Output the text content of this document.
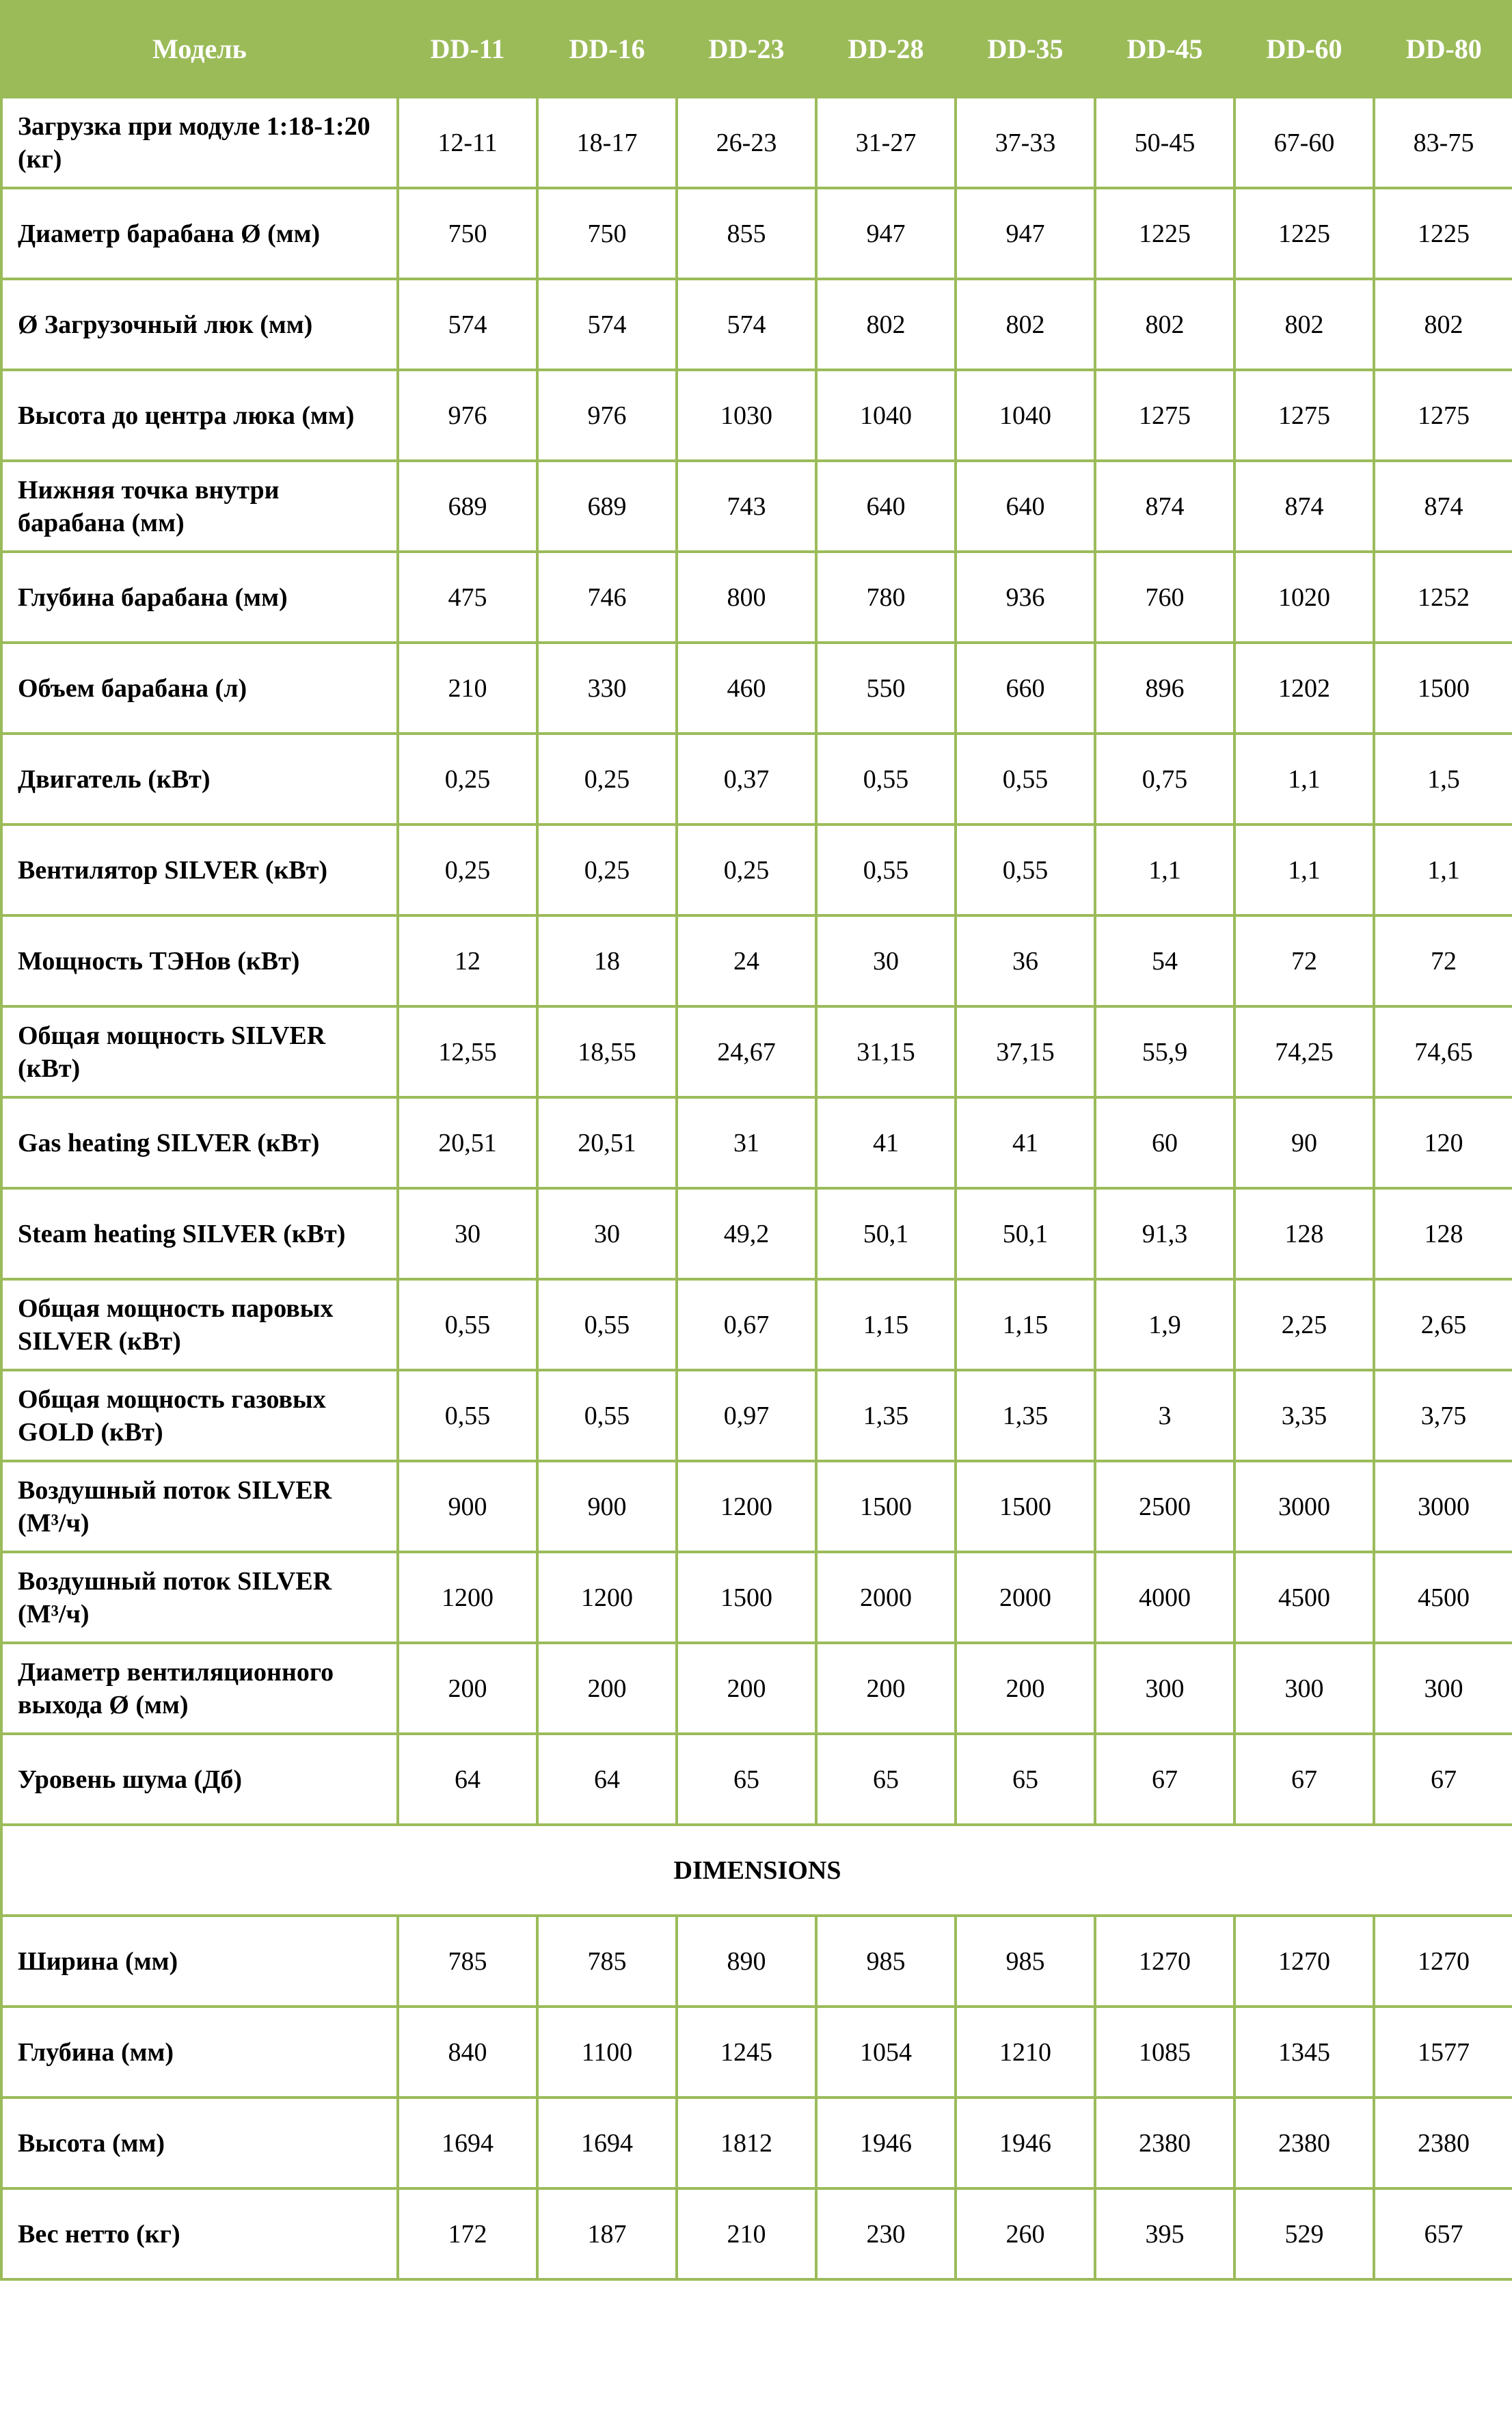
Модель	DD-11	DD-16	DD-23	DD-28	DD-35	DD-45	DD-60	DD-80
Загрузка при модуле 1:18-1:20 (кг)	12-11	18-17	26-23	31-27	37-33	50-45	67-60	83-75
Диаметр барабана Ø (мм)	750	750	855	947	947	1225	1225	1225
Ø Загрузочный люк (мм)	574	574	574	802	802	802	802	802
Высота до центра люка (мм)	976	976	1030	1040	1040	1275	1275	1275
Нижняя точка внутри барабана (мм)	689	689	743	640	640	874	874	874
Глубина барабана (мм)	475	746	800	780	936	760	1020	1252
Объем барабана (л)	210	330	460	550	660	896	1202	1500
Двигатель (кВт)	0,25	0,25	0,37	0,55	0,55	0,75	1,1	1,5
Вентилятор SILVER (кВт)	0,25	0,25	0,25	0,55	0,55	1,1	1,1	1,1
Мощность ТЭНов (кВт)	12	18	24	30	36	54	72	72
Общая мощность SILVER (кВт)	12,55	18,55	24,67	31,15	37,15	55,9	74,25	74,65
Gas heating SILVER (кВт)	20,51	20,51	31	41	41	60	90	120
Steam heating SILVER (кВт)	30	30	49,2	50,1	50,1	91,3	128	128
Общая мощность паровых SILVER (кВт)	0,55	0,55	0,67	1,15	1,15	1,9	2,25	2,65
Общая мощность газовых GOLD (кВт)	0,55	0,55	0,97	1,35	1,35	3	3,35	3,75
Воздушный поток SILVER (М³/ч)	900	900	1200	1500	1500	2500	3000	3000
Воздушный поток SILVER (М³/ч)	1200	1200	1500	2000	2000	4000	4500	4500
Диаметр вентиляционного выхода Ø (мм)	200	200	200	200	200	300	300	300
Уровень шума (Дб)	64	64	65	65	65	67	67	67
DIMENSIONS								
Ширина (мм)	785	785	890	985	985	1270	1270	1270
Глубина (мм)	840	1100	1245	1054	1210	1085	1345	1577
Высота (мм)	1694	1694	1812	1946	1946	2380	2380	2380
Вес нетто (кг)	172	187	210	230	260	395	529	657
